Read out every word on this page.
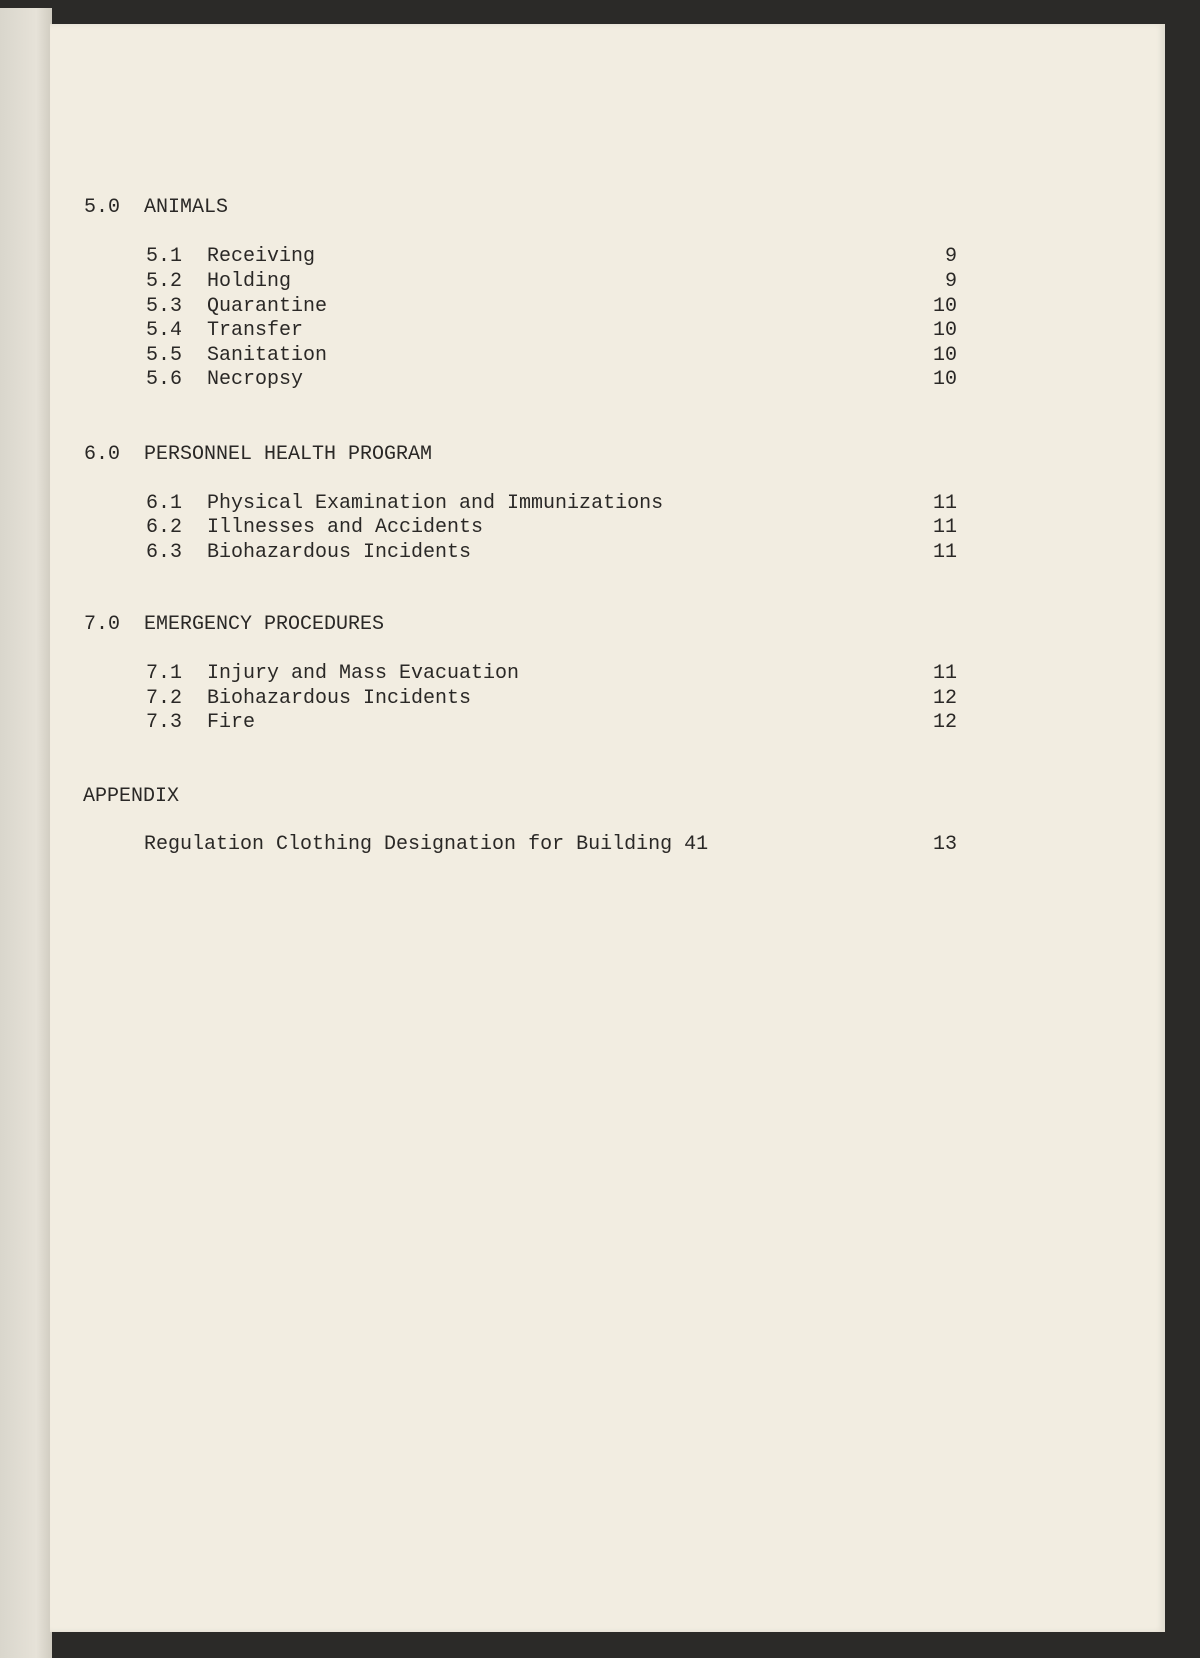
5.0 ANIMALS
5.1 Receiving	9
5.2 Holding	9
5.3 Quarantine	10
5.4 Transfer	10
5.5 Sanitation	10
5.6 Necropsy	10
6.0 PERSONNEL HEALTH PROGRAM
6.1 Physical Examination and Immunizations	11
6.2 Illnesses and Accidents	11
6.3 Biohazardous Incidents	11
7.0 EMERGENCY PROCEDURES
7.1 Injury and Mass Evacuation	11
7.2 Biohazardous Incidents	12
7.3 Fire	12
APPENDIX
Regulation Clothing Designation for Building 41	13
